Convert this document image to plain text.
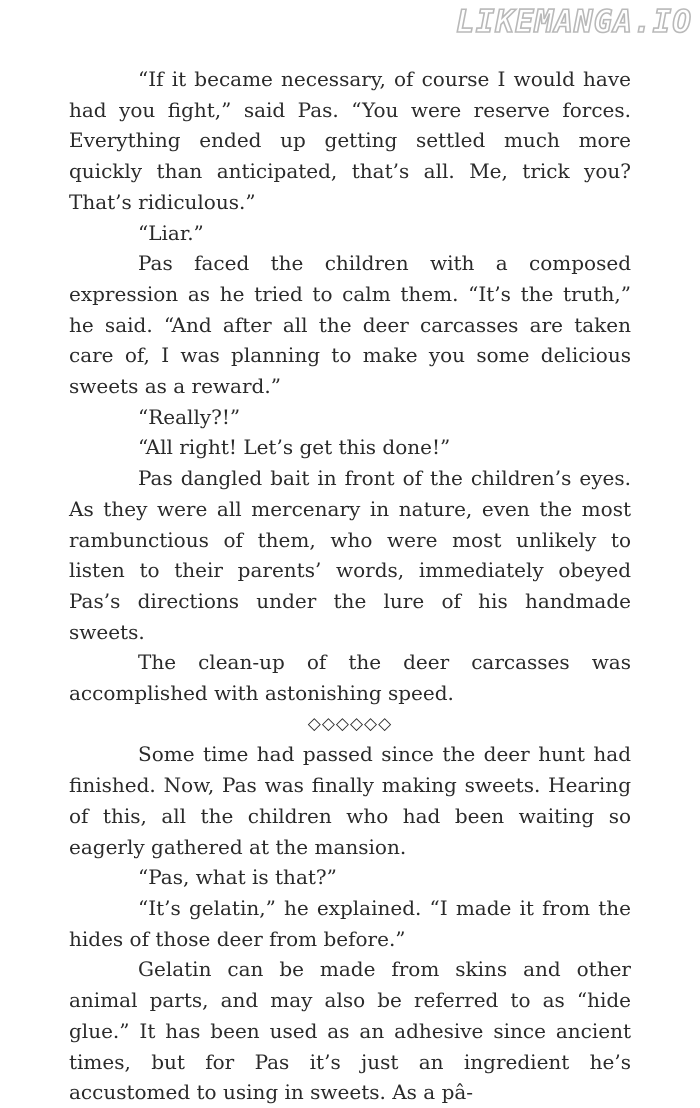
LIKEMANGA.IO

“If it became necessary, of course I would have had you fight,” said Pas. “You were reserve forces. Everything ended up getting settled much more quickly than anticipated, that’s all. Me, trick you? That’s ridiculous.”

“Liar.”

Pas faced the children with a composed expression as he tried to calm them. “It’s the truth,” he said. “And after all the deer carcasses are taken care of, I was planning to make you some delicious sweets as a reward.”

“Really?!”

“All right! Let’s get this done!”

Pas dangled bait in front of the children’s eyes. As they were all mercenary in nature, even the most rambunctious of them, who were most unlikely to listen to their parents’ words, immediately obeyed Pas’s directions under the lure of his handmade sweets.

The clean-up of the deer carcasses was accomplished with astonishing speed.

◇◇◇◇◇◇

Some time had passed since the deer hunt had finished. Now, Pas was finally making sweets. Hearing of this, all the children who had been waiting so eagerly gathered at the mansion.

“Pas, what is that?”

“It’s gelatin,” he explained. “I made it from the hides of those deer from before.”

Gelatin can be made from skins and other animal parts, and may also be referred to as “hide glue.” It has been used as an adhesive since ancient times, but for Pas it’s just an ingredient he’s accustomed to using in sweets. As a pâ-
